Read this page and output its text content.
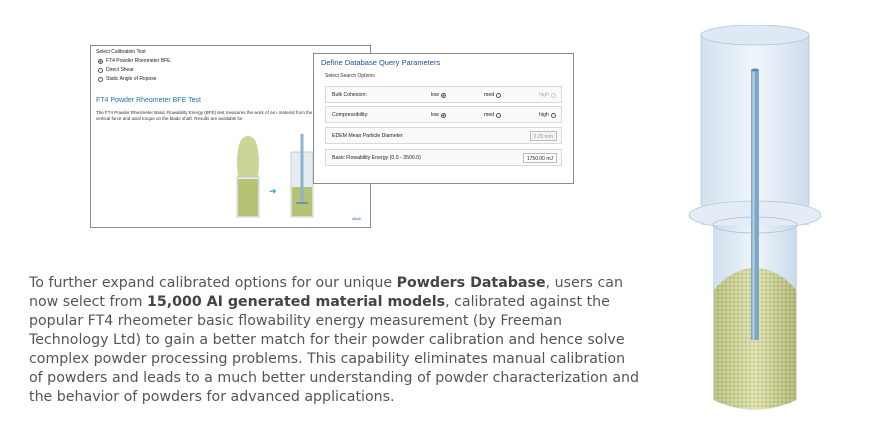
Select Calibration Test
FT4 Powder Rheometer BFE
Direct Shear
Static Angle of Repose
FT4 Powder Rheometer BFE Test
The FT4 Powder Rheometer Basic Flowability Energy (BFE) test measures the work of an i material from the vertical force and axial torque on the blade shaft. Results are available for
➜
Altair
Define Database Query Parameters
Select Search Options
Bulk Cohesion:	low	med	high
Compressibility:	low	med	high
EDEM Mean Particle Diameter	2.25 mm
Basic Flowability Energy (0.0 - 3500.0)	1750.00 mJ
To further expand calibrated options for our unique Powders Database, users can now select from 15,000 AI generated material models, calibrated against the popular FT4 rheometer basic flowability energy measurement (by Freeman Technology Ltd) to gain a better match for their powder calibration and hence solve complex powder processing problems. This capability eliminates manual calibration of powders and leads to a much better understanding of powder characterization and the behavior of powders for advanced applications.
